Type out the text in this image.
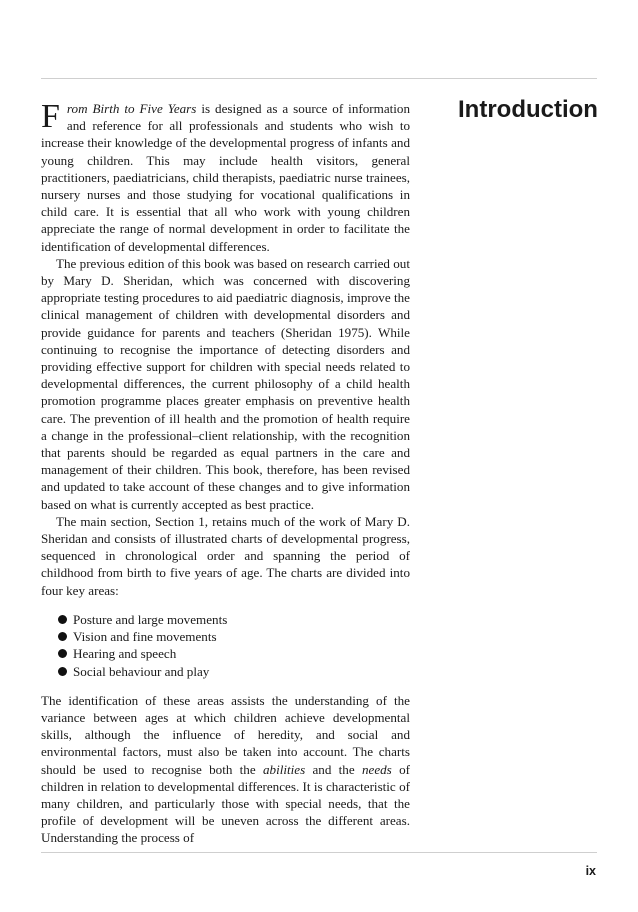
Introduction

From Birth to Five Years is designed as a source of information and reference for all professionals and students who wish to increase their knowledge of the developmental progress of infants and young children. This may include health visitors, general practitioners, paediatricians, child therapists, paediatric nurse trainees, nursery nurses and those studying for vocational qualifications in child care. It is essential that all who work with young children appreciate the range of normal development in order to facilitate the identification of developmental differences.

The previous edition of this book was based on research carried out by Mary D. Sheridan, which was concerned with discovering appropriate testing procedures to aid paediatric diagnosis, improve the clinical management of children with developmental disorders and provide guidance for parents and teachers (Sheridan 1975). While continuing to recognise the importance of detecting disorders and providing effective support for children with special needs related to developmental differences, the current philosophy of a child health promotion programme places greater emphasis on preventive health care. The prevention of ill health and the promotion of health require a change in the professional–client relationship, with the recognition that parents should be regarded as equal partners in the care and management of their children. This book, therefore, has been revised and updated to take account of these changes and to give information based on what is currently accepted as best practice.

The main section, Section 1, retains much of the work of Mary D. Sheridan and consists of illustrated charts of developmental progress, sequenced in chronological order and spanning the period of childhood from birth to five years of age. The charts are divided into four key areas:

Posture and large movements
Vision and fine movements
Hearing and speech
Social behaviour and play

The identification of these areas assists the understanding of the variance between ages at which children achieve developmental skills, although the influence of heredity, and social and environmental factors, must also be taken into account. The charts should be used to recognise both the abilities and the needs of children in relation to developmental differences. It is characteristic of many children, and particularly those with special needs, that the profile of development will be uneven across the different areas. Understanding the process of

ix
